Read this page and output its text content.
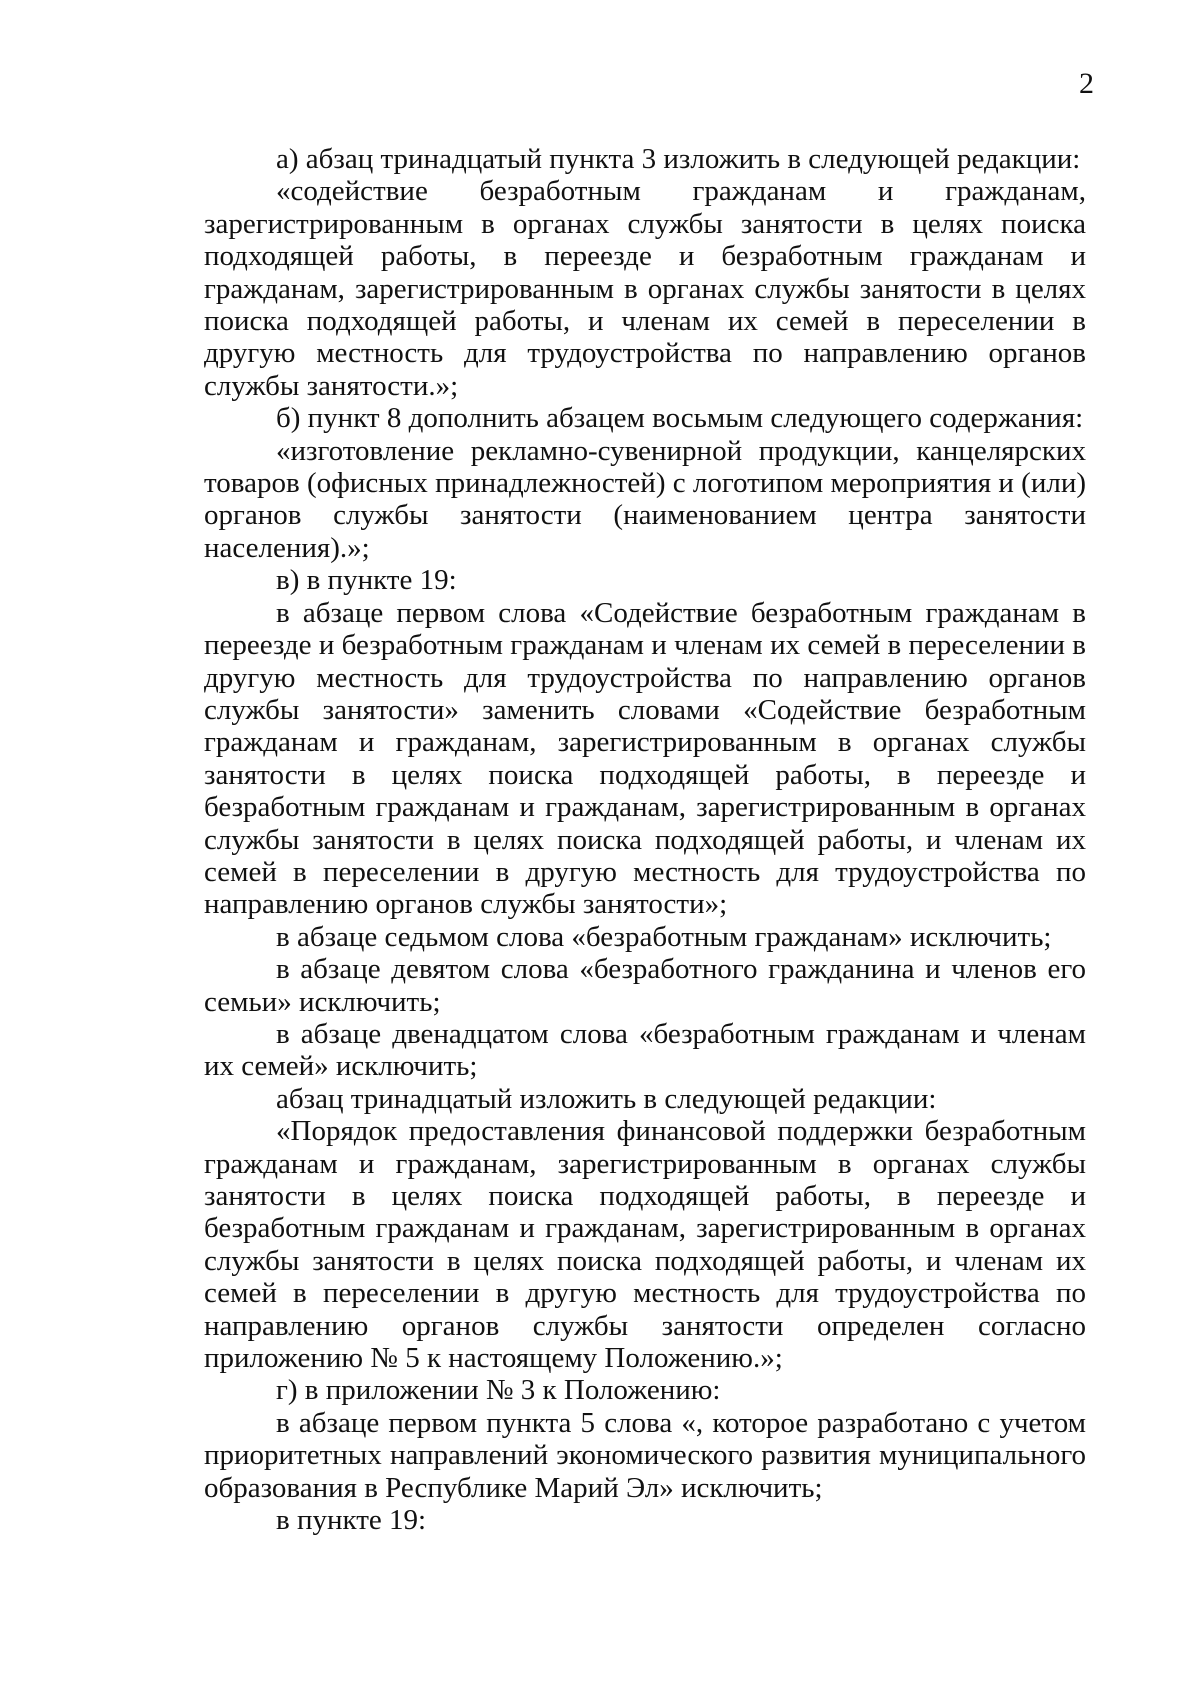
2

а) абзац тринадцатый пункта 3 изложить в следующей редакции:

«содействие безработным гражданам и гражданам, зарегистрированным в органах службы занятости в целях поиска подходящей работы, в переезде и безработным гражданам и гражданам, зарегистрированным в органах службы занятости в целях поиска подходящей работы, и членам их семей в переселении в другую местность для трудоустройства по направлению органов службы занятости.»;

б) пункт 8 дополнить абзацем восьмым следующего содержания:

«изготовление рекламно-сувенирной продукции, канцелярских товаров (офисных принадлежностей) с логотипом мероприятия и (или) органов службы занятости (наименованием центра занятости населения).»;

в) в пункте 19:

в абзаце первом слова «Содействие безработным гражданам в переезде и безработным гражданам и членам их семей в переселении в другую местность для трудоустройства по направлению органов службы занятости» заменить словами «Содействие безработным гражданам и гражданам, зарегистрированным в органах службы занятости в целях поиска подходящей работы, в переезде и безработным гражданам и гражданам, зарегистрированным в органах службы занятости в целях поиска подходящей работы, и членам их семей в переселении в другую местность для трудоустройства по направлению органов службы занятости»;

в абзаце седьмом слова «безработным гражданам» исключить;

в абзаце девятом слова «безработного гражданина и членов его семьи» исключить;

в абзаце двенадцатом слова «безработным гражданам и членам их семей» исключить;

абзац тринадцатый изложить в следующей редакции:

«Порядок предоставления финансовой поддержки безработным гражданам и гражданам, зарегистрированным в органах службы занятости в целях поиска подходящей работы, в переезде и безработным гражданам и гражданам, зарегистрированным в органах службы занятости в целях поиска подходящей работы, и членам их семей в переселении в другую местность для трудоустройства по направлению органов службы занятости определен согласно приложению № 5 к настоящему Положению.»;

г) в приложении № 3 к Положению:

в абзаце первом пункта 5 слова «, которое разработано с учетом приоритетных направлений экономического развития муниципального образования в Республике Марий Эл» исключить;

в пункте 19:
